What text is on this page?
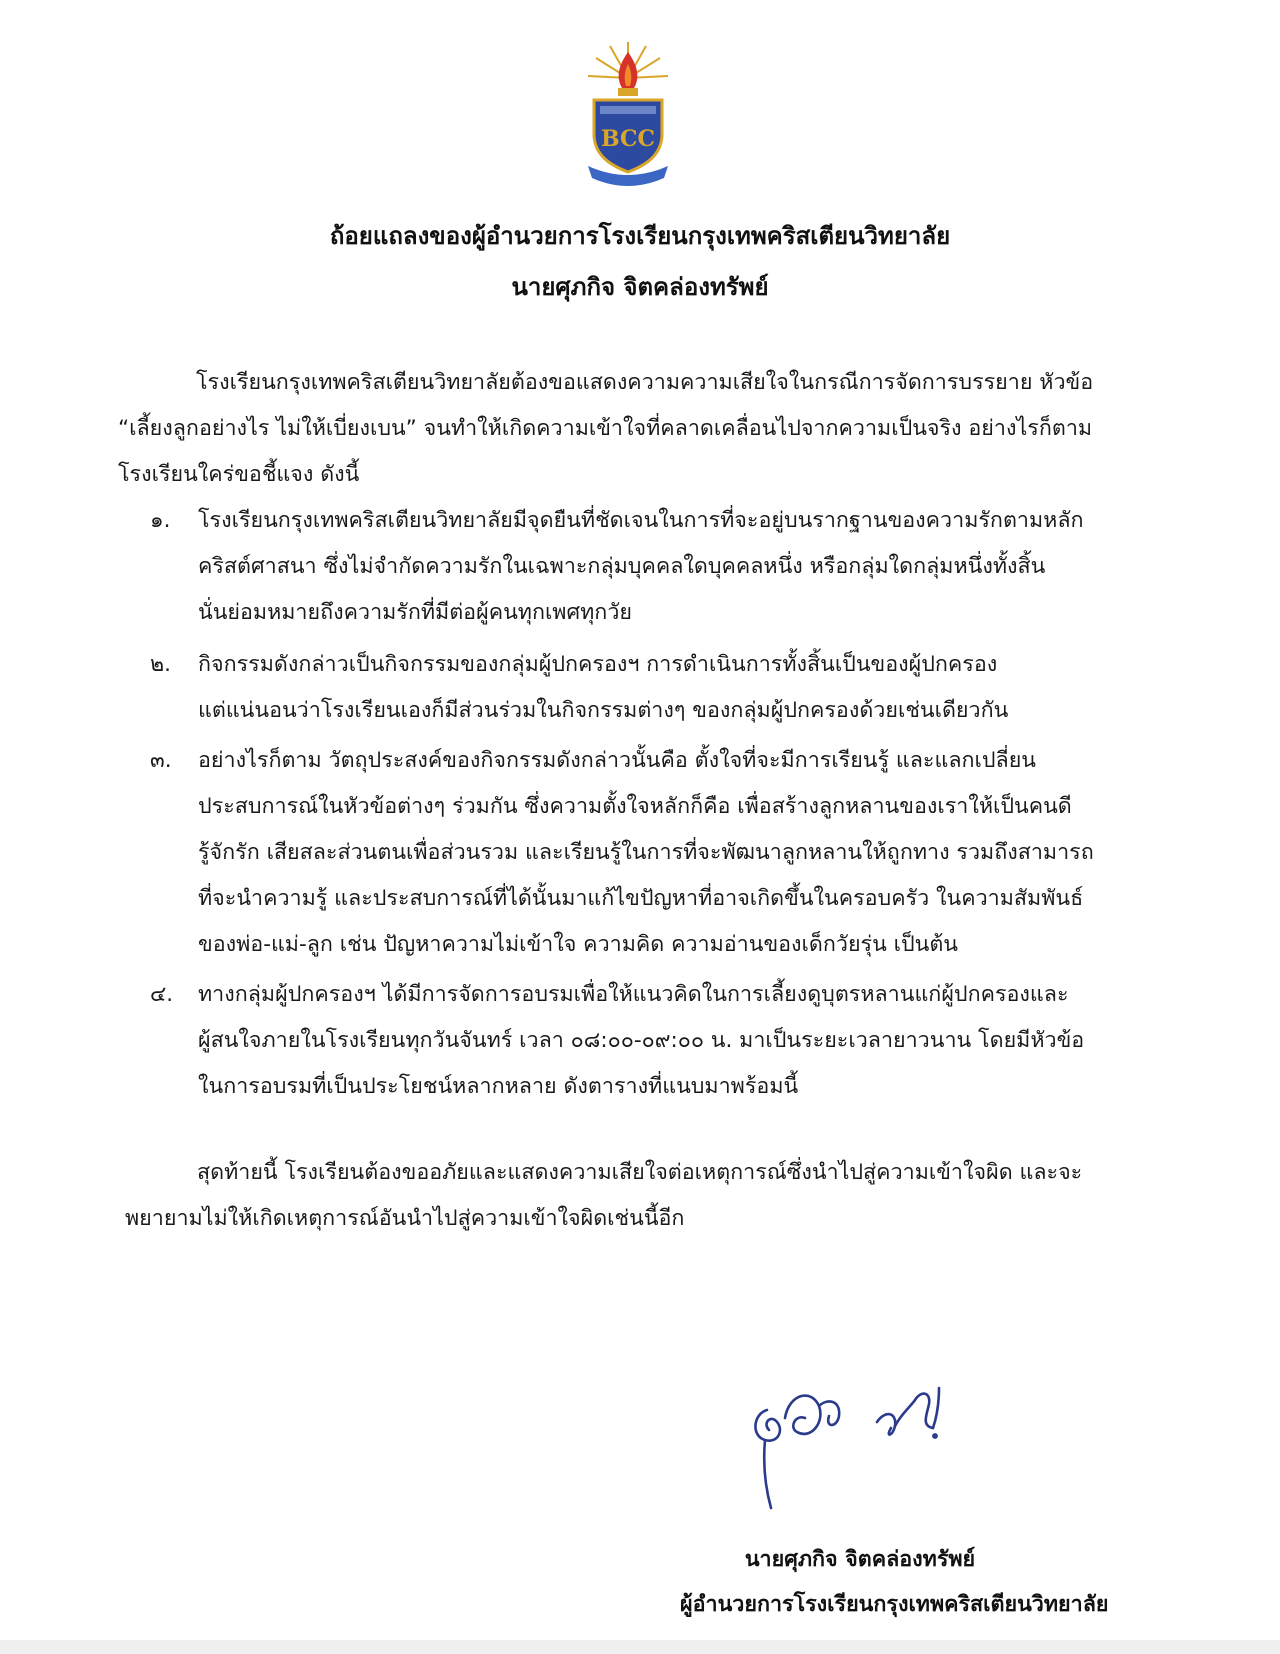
BCC
ถ้อยแถลงของผู้อำนวยการโรงเรียนกรุงเทพคริสเตียนวิทยาลัย
นายศุภกิจ จิตคล่องทรัพย์
โรงเรียนกรุงเทพคริสเตียนวิทยาลัยต้องขอแสดงความความเสียใจในกรณีการจัดการบรรยาย หัวข้อ
“เลี้ยงลูกอย่างไร ไม่ให้เบี่ยงเบน” จนทำให้เกิดความเข้าใจที่คลาดเคลื่อนไปจากความเป็นจริง อย่างไรก็ตาม
โรงเรียนใคร่ขอชี้แจง ดังนี้
๑. โรงเรียนกรุงเทพคริสเตียนวิทยาลัยมีจุดยืนที่ชัดเจนในการที่จะอยู่บนรากฐานของความรักตามหลัก
คริสต์ศาสนา ซึ่งไม่จำกัดความรักในเฉพาะกลุ่มบุคคลใดบุคคลหนึ่ง หรือกลุ่มใดกลุ่มหนึ่งทั้งสิ้น
นั่นย่อมหมายถึงความรักที่มีต่อผู้คนทุกเพศทุกวัย
๒. กิจกรรมดังกล่าวเป็นกิจกรรมของกลุ่มผู้ปกครองฯ การดำเนินการทั้งสิ้นเป็นของผู้ปกครอง
แต่แน่นอนว่าโรงเรียนเองก็มีส่วนร่วมในกิจกรรมต่างๆ ของกลุ่มผู้ปกครองด้วยเช่นเดียวกัน
๓. อย่างไรก็ตาม วัตถุประสงค์ของกิจกรรมดังกล่าวนั้นคือ ตั้งใจที่จะมีการเรียนรู้ และแลกเปลี่ยน
ประสบการณ์ในหัวข้อต่างๆ ร่วมกัน ซึ่งความตั้งใจหลักก็คือ เพื่อสร้างลูกหลานของเราให้เป็นคนดี
รู้จักรัก เสียสละส่วนตนเพื่อส่วนรวม และเรียนรู้ในการที่จะพัฒนาลูกหลานให้ถูกทาง รวมถึงสามารถ
ที่จะนำความรู้ และประสบการณ์ที่ได้นั้นมาแก้ไขปัญหาที่อาจเกิดขึ้นในครอบครัว ในความสัมพันธ์
ของพ่อ-แม่-ลูก เช่น ปัญหาความไม่เข้าใจ ความคิด ความอ่านของเด็กวัยรุ่น เป็นต้น
๔. ทางกลุ่มผู้ปกครองฯ ได้มีการจัดการอบรมเพื่อให้แนวคิดในการเลี้ยงดูบุตรหลานแก่ผู้ปกครองและ
ผู้สนใจภายในโรงเรียนทุกวันจันทร์ เวลา ๐๘:๐๐-๐๙:๐๐ น. มาเป็นระยะเวลายาวนาน โดยมีหัวข้อ
ในการอบรมที่เป็นประโยชน์หลากหลาย ดังตารางที่แนบมาพร้อมนี้
สุดท้ายนี้ โรงเรียนต้องขออภัยและแสดงความเสียใจต่อเหตุการณ์ซึ่งนำไปสู่ความเข้าใจผิด และจะ
พยายามไม่ให้เกิดเหตุการณ์อันนำไปสู่ความเข้าใจผิดเช่นนี้อีก
นายศุภกิจ จิตคล่องทรัพย์
ผู้อำนวยการโรงเรียนกรุงเทพคริสเตียนวิทยาลัย
